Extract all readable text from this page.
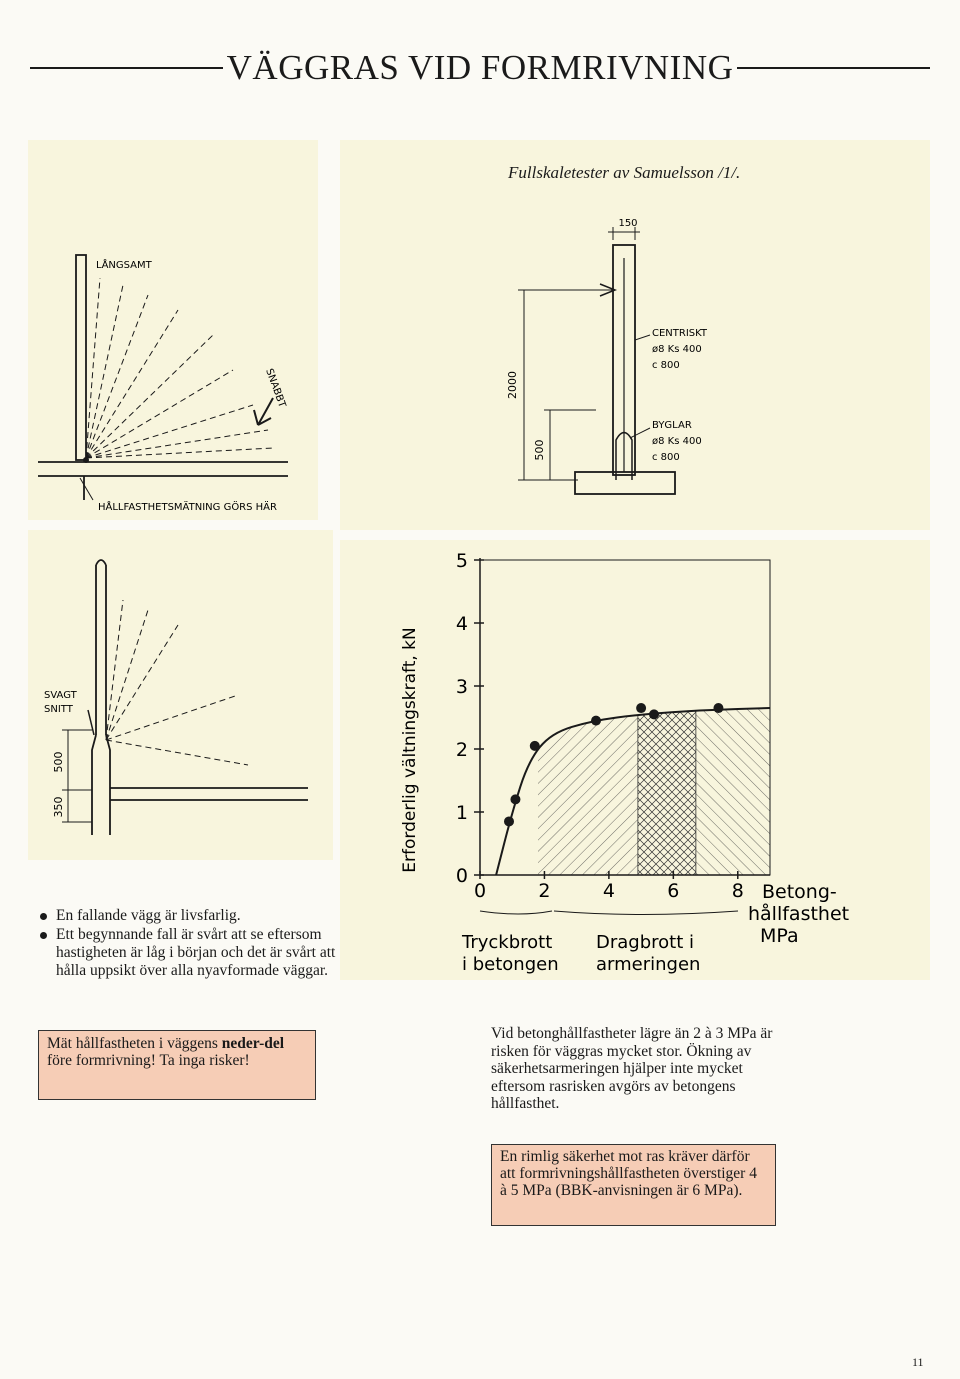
VÄGGRAS VID FORMRIVNING
Fullskaletester av Samuelsson /1/.
LÅNGSAMT
SNABBT
HÅLLFASTHETSMÄTNING GÖRS HÄR
150
2000
500
CENTRISKT
ø8 Ks 400
c 800
BYGLAR
ø8 Ks 400
c 800
SVAGT
SNITT
500
350	Erforderlig vältningskraft, kN
0
1
2
3
4
5
0	2	4	6	8 Betong-
hållfasthet
MPa
Tryckbrott
i betongen
Dragbrott i
armeringen
En fallande vägg är livsfarlig.
Ett begynnande fall är svårt att se eftersom hastigheten är låg i början och det är svårt att hålla uppsikt över alla nyavformade väggar.
Mät hållfastheten i väggens neder-del före formrivning! Ta inga risker!
Vid betonghållfastheter lägre än 2 à 3 MPa är risken för väggras mycket stor. Ökning av säkerhetsarmeringen hjälper inte mycket eftersom rasrisken avgörs av betongens hållfasthet.
En rimlig säkerhet mot ras kräver därför att formrivningshållfastheten överstiger 4 à 5 MPa (BBK-anvisningen är 6 MPa).
11
